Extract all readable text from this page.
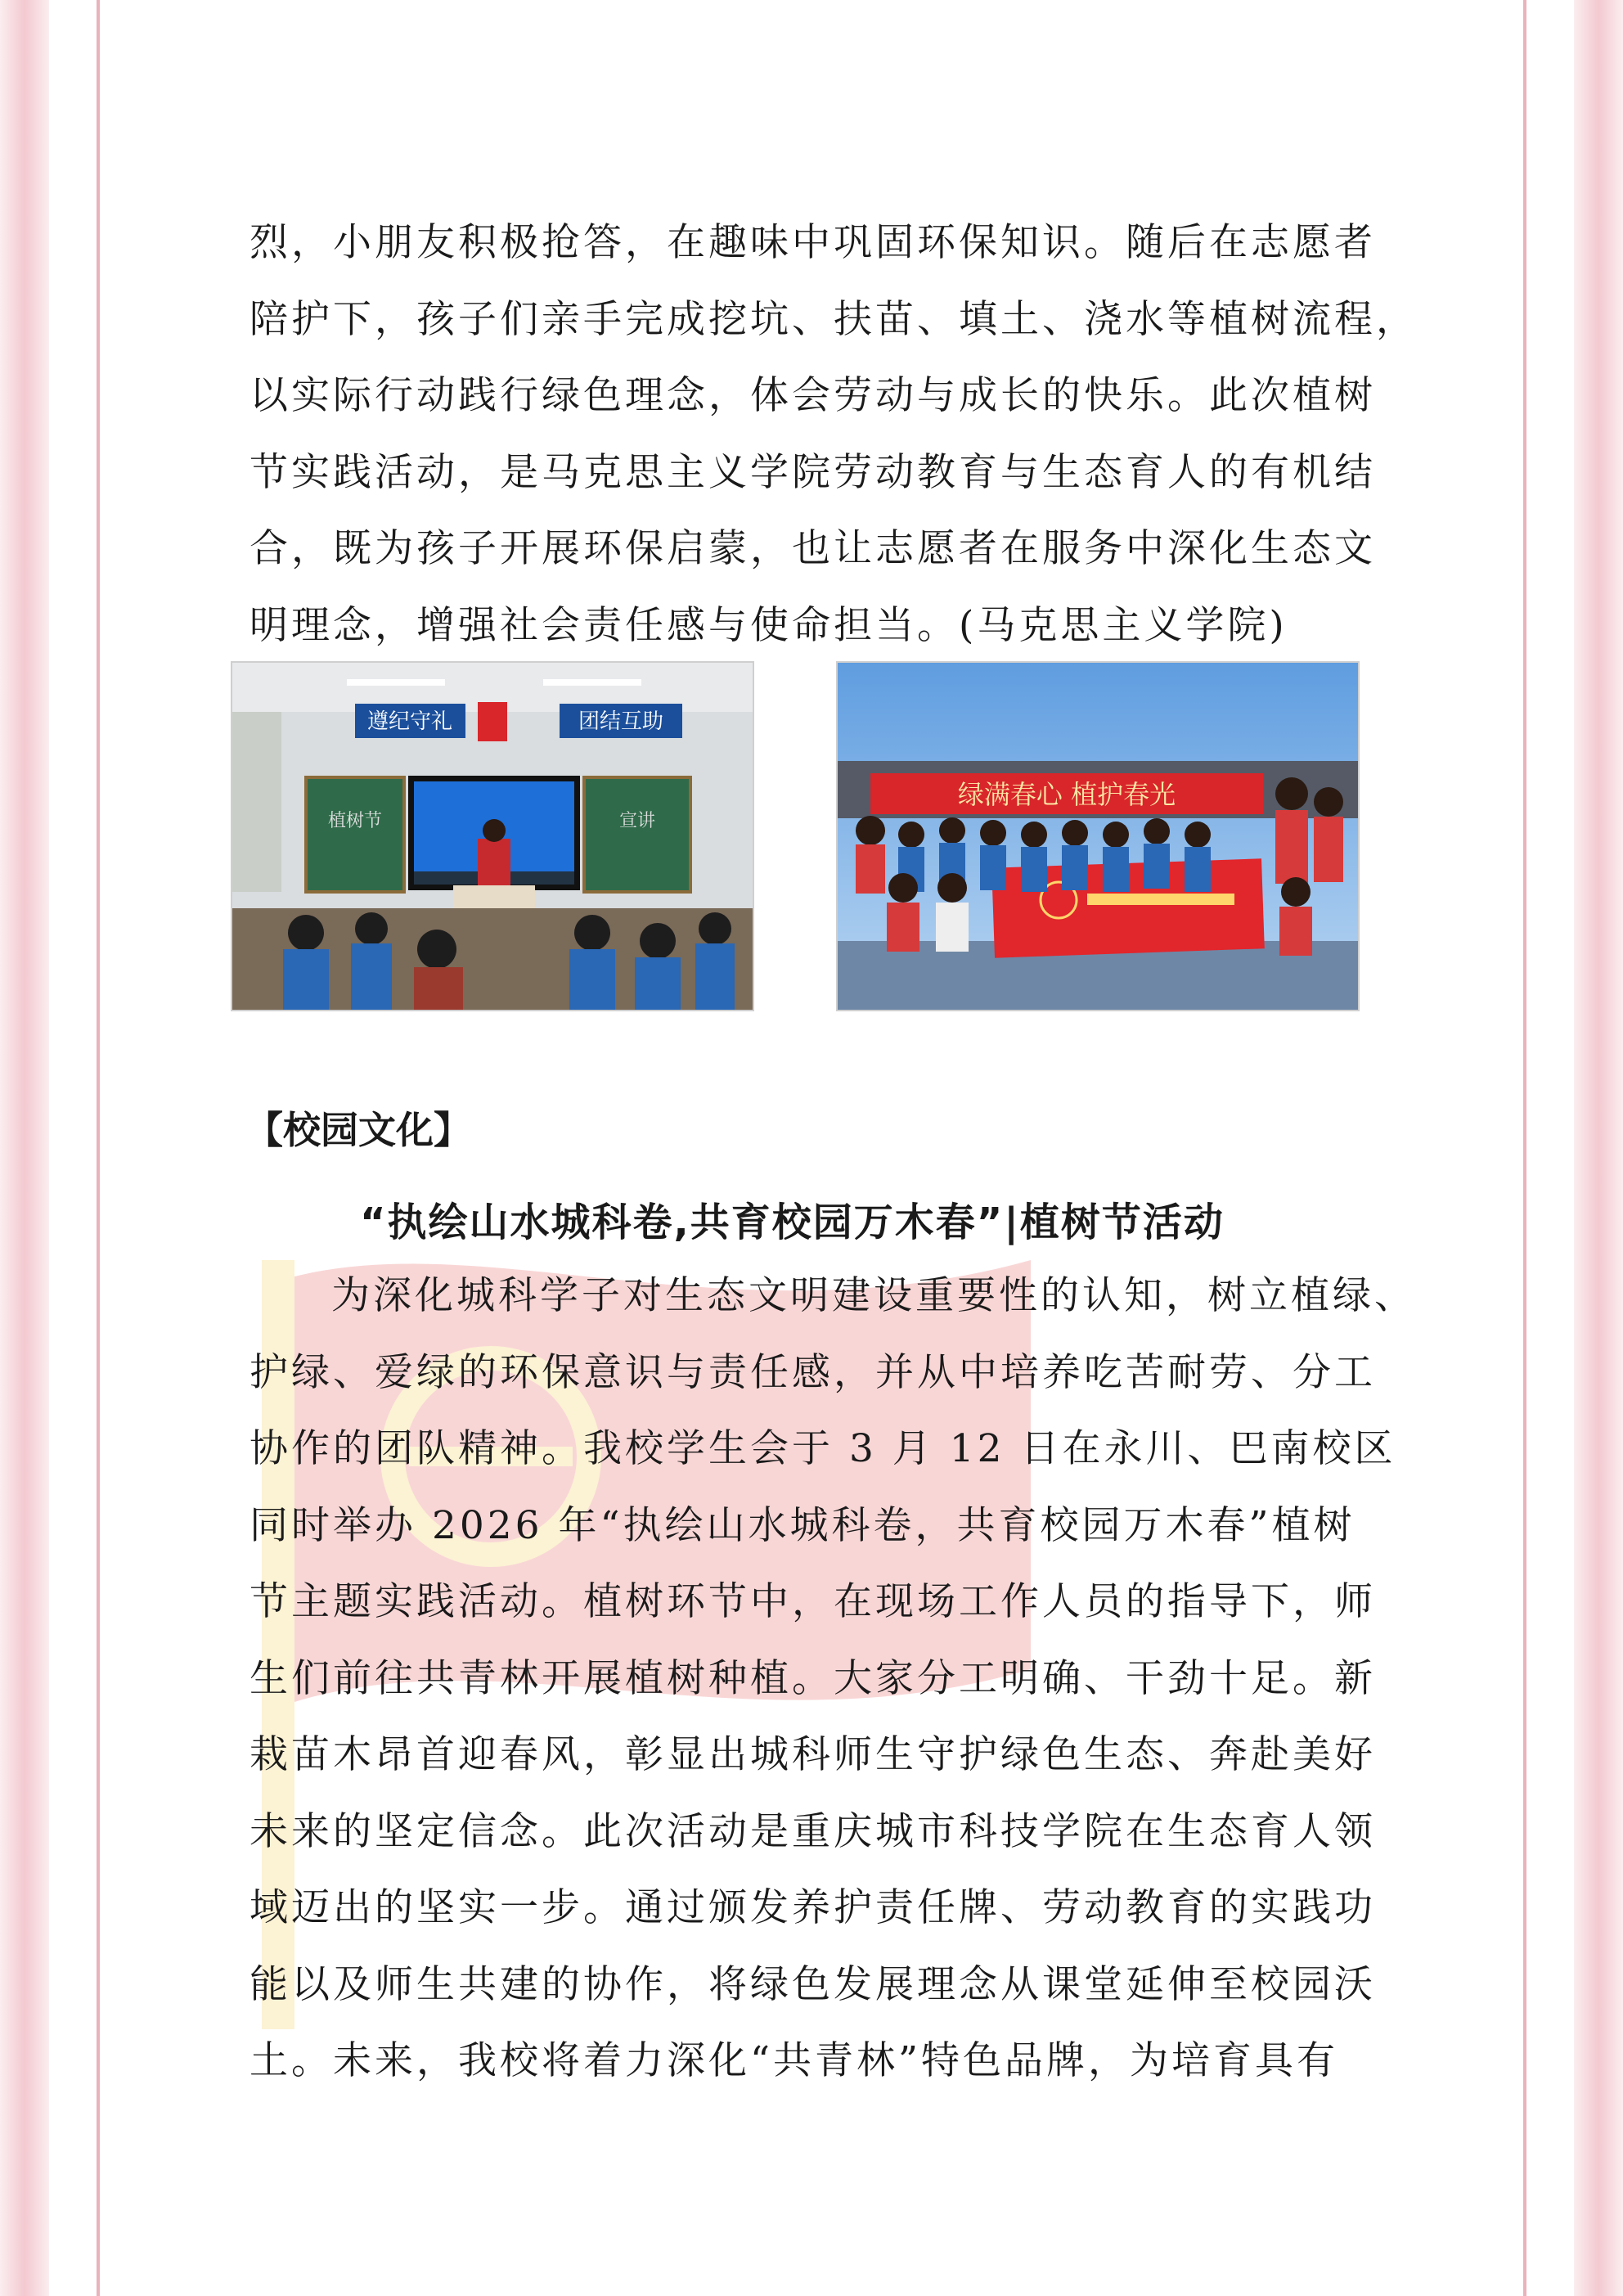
烈，小朋友积极抢答，在趣味中巩固环保知识。随后在志愿者
陪护下，孩子们亲手完成挖坑、扶苗、填土、浇水等植树流程，
以实际行动践行绿色理念，体会劳动与成长的快乐。此次植树
节实践活动，是马克思主义学院劳动教育与生态育人的有机结
合，既为孩子开展环保启蒙，也让志愿者在服务中深化生态文
明理念，增强社会责任感与使命担当。(马克思主义学院)
遵纪守礼	团结互助
植树节	宣讲
绿满春心 植护春光

【校园文化】

“执绘山水城科卷,共育校园万木春”|植树节活动

为深化城科学子对生态文明建设重要性的认知，树立植绿、
护绿、爱绿的环保意识与责任感，并从中培养吃苦耐劳、分工
协作的团队精神。我校学生会于 3 月 12 日在永川、巴南校区
同时举办 2026 年“执绘山水城科卷，共育校园万木春”植树
节主题实践活动。植树环节中，在现场工作人员的指导下，师
生们前往共青林开展植树种植。大家分工明确、干劲十足。新
栽苗木昂首迎春风，彰显出城科师生守护绿色生态、奔赴美好
未来的坚定信念。此次活动是重庆城市科技学院在生态育人领
域迈出的坚实一步。通过颁发养护责任牌、劳动教育的实践功
能以及师生共建的协作，将绿色发展理念从课堂延伸至校园沃
土。未来，我校将着力深化“共青林”特色品牌，为培育具有
